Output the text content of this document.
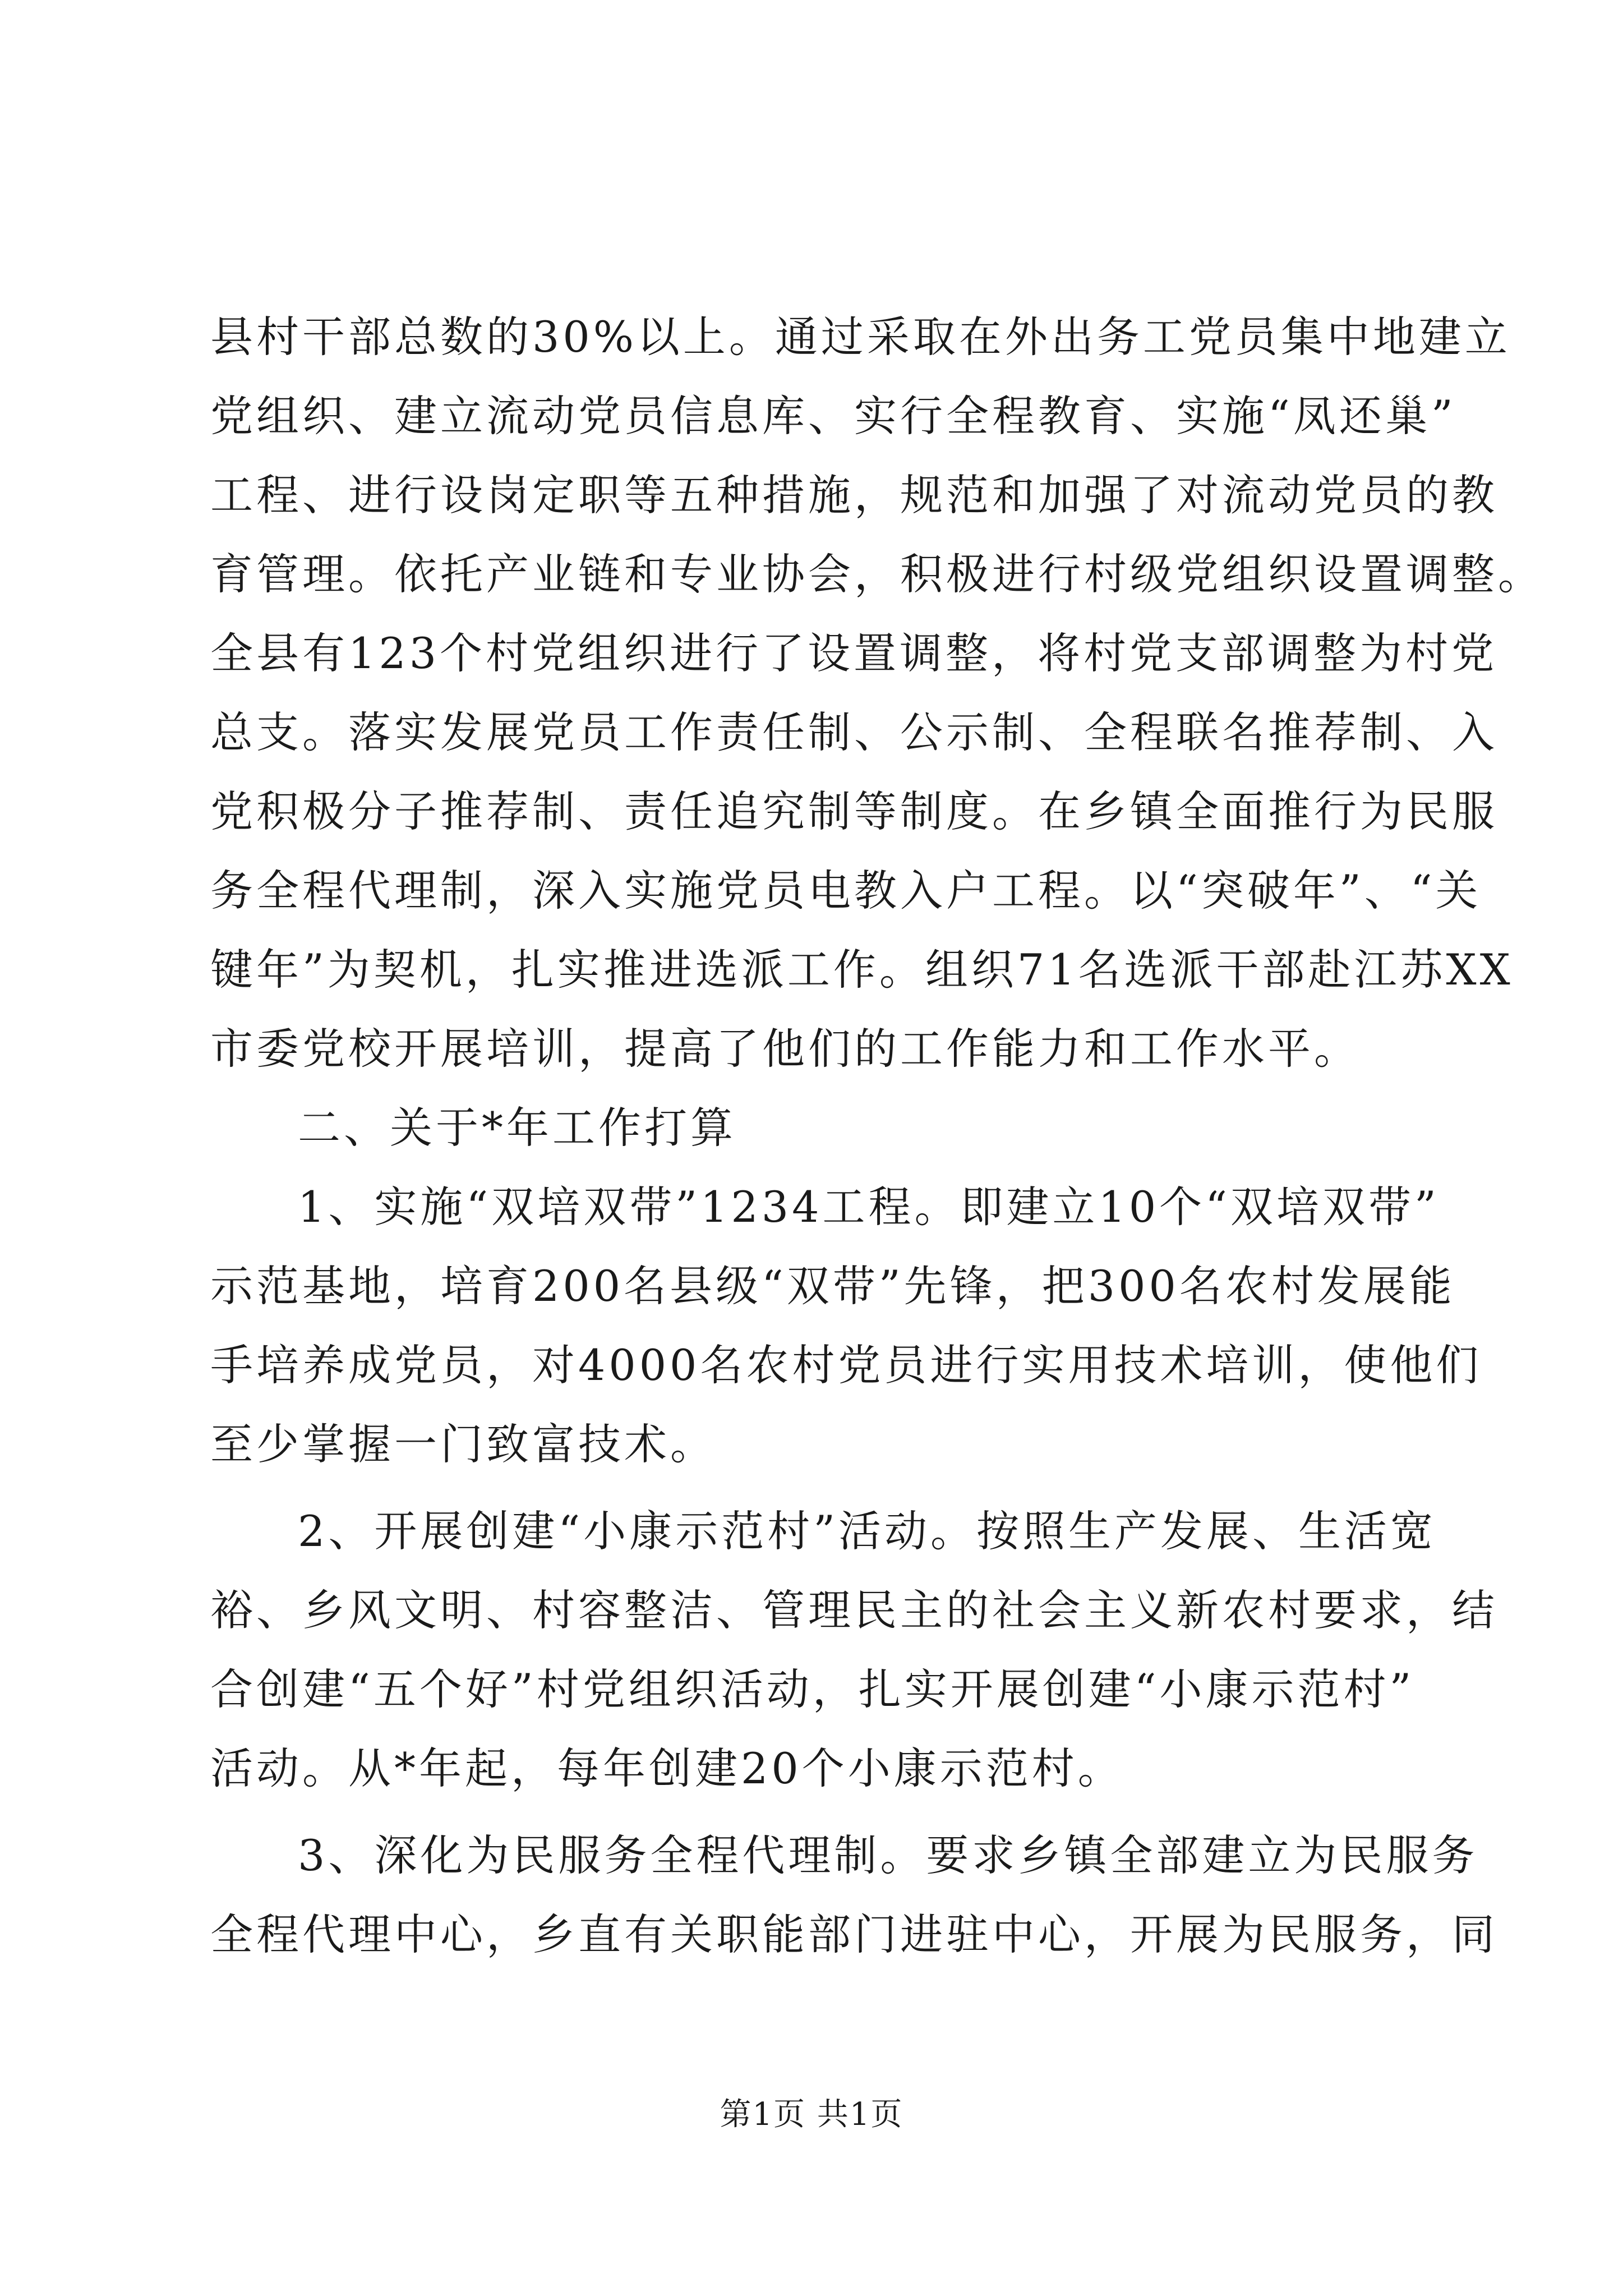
县村干部总数的30%以上。通过采取在外出务工党员集中地建立
党组织、建立流动党员信息库、实行全程教育、实施“凤还巢”
工程、进行设岗定职等五种措施，规范和加强了对流动党员的教
育管理。依托产业链和专业协会，积极进行村级党组织设置调整。
全县有123个村党组织进行了设置调整，将村党支部调整为村党
总支。落实发展党员工作责任制、公示制、全程联名推荐制、入
党积极分子推荐制、责任追究制等制度。在乡镇全面推行为民服
务全程代理制，深入实施党员电教入户工程。以“突破年”、“关
键年”为契机，扎实推进选派工作。组织71名选派干部赴江苏XX
市委党校开展培训，提高了他们的工作能力和工作水平。
二、关于*年工作打算
1、实施“双培双带”1234工程。即建立10个“双培双带”
示范基地，培育200名县级“双带”先锋，把300名农村发展能
手培养成党员，对4000名农村党员进行实用技术培训，使他们
至少掌握一门致富技术。
2、开展创建“小康示范村”活动。按照生产发展、生活宽
裕、乡风文明、村容整洁、管理民主的社会主义新农村要求，结
合创建“五个好”村党组织活动，扎实开展创建“小康示范村”
活动。从*年起，每年创建20个小康示范村。
3、深化为民服务全程代理制。要求乡镇全部建立为民服务
全程代理中心，乡直有关职能部门进驻中心，开展为民服务，同
第1页 共1页
